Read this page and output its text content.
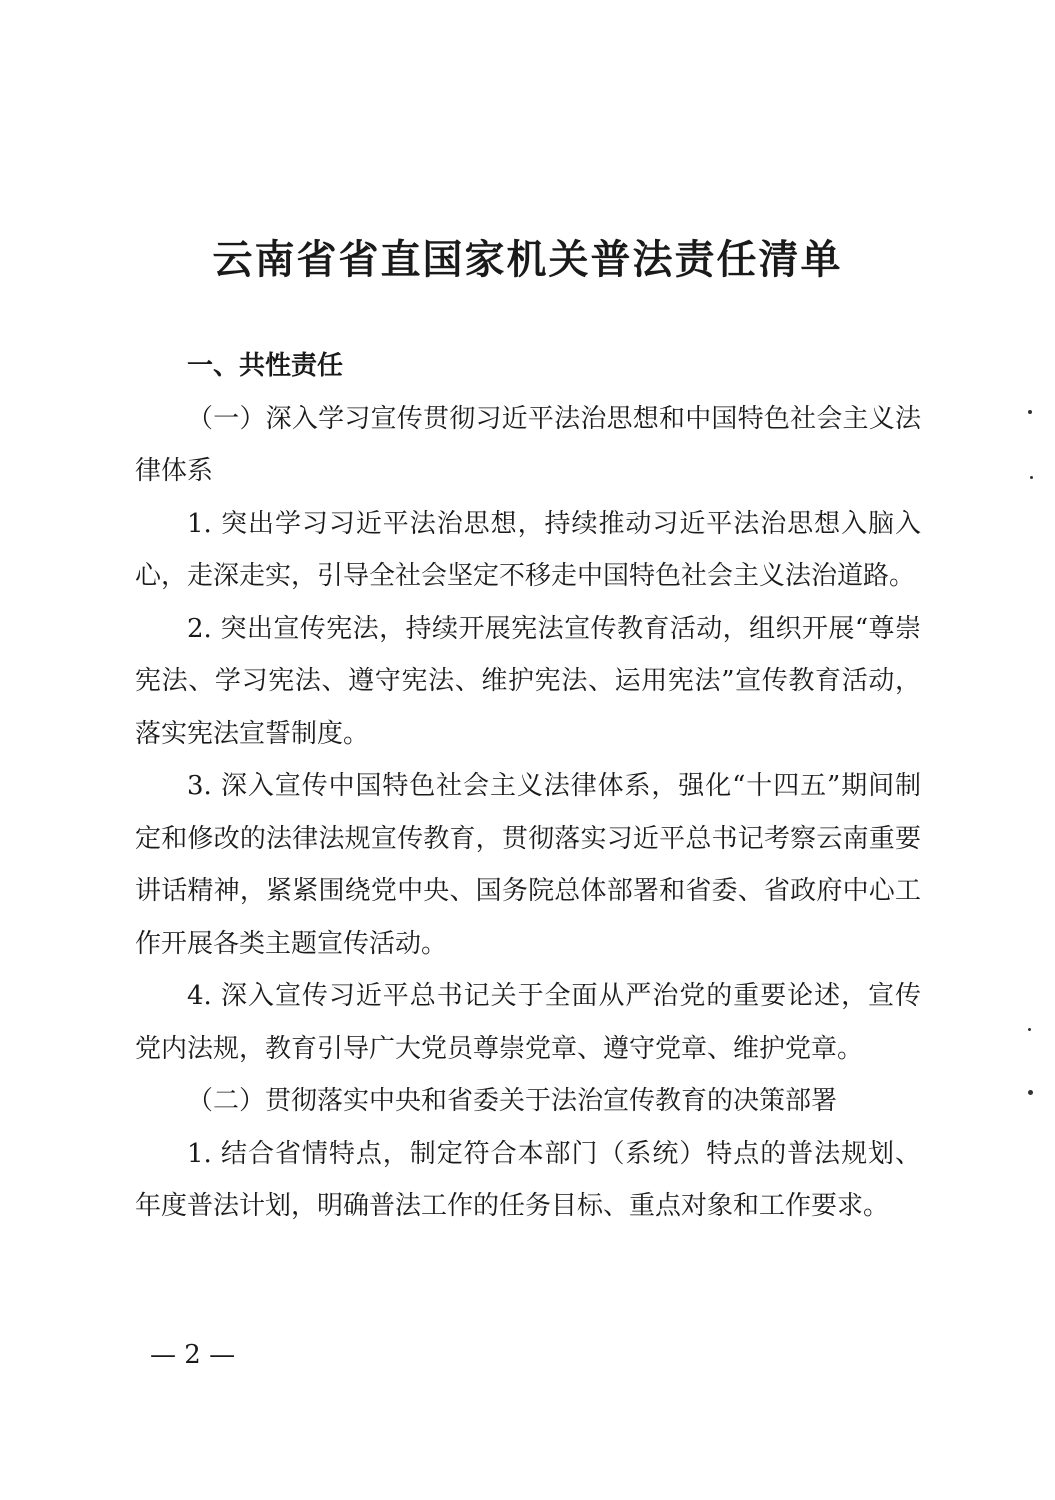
云南省省直国家机关普法责任清单

一、共性责任

（一）深入学习宣传贯彻习近平法治思想和中国特色社会主义法律体系

1. 突出学习习近平法治思想，持续推动习近平法治思想入脑入心，走深走实，引导全社会坚定不移走中国特色社会主义法治道路。

2. 突出宣传宪法，持续开展宪法宣传教育活动，组织开展“尊崇宪法、学习宪法、遵守宪法、维护宪法、运用宪法”宣传教育活动，落实宪法宣誓制度。

3. 深入宣传中国特色社会主义法律体系，强化“十四五”期间制定和修改的法律法规宣传教育，贯彻落实习近平总书记考察云南重要讲话精神，紧紧围绕党中央、国务院总体部署和省委、省政府中心工作开展各类主题宣传活动。

4. 深入宣传习近平总书记关于全面从严治党的重要论述，宣传党内法规，教育引导广大党员尊崇党章、遵守党章、维护党章。

（二）贯彻落实中央和省委关于法治宣传教育的决策部署

1. 结合省情特点，制定符合本部门（系统）特点的普法规划、年度普法计划，明确普法工作的任务目标、重点对象和工作要求。

— 2 —
